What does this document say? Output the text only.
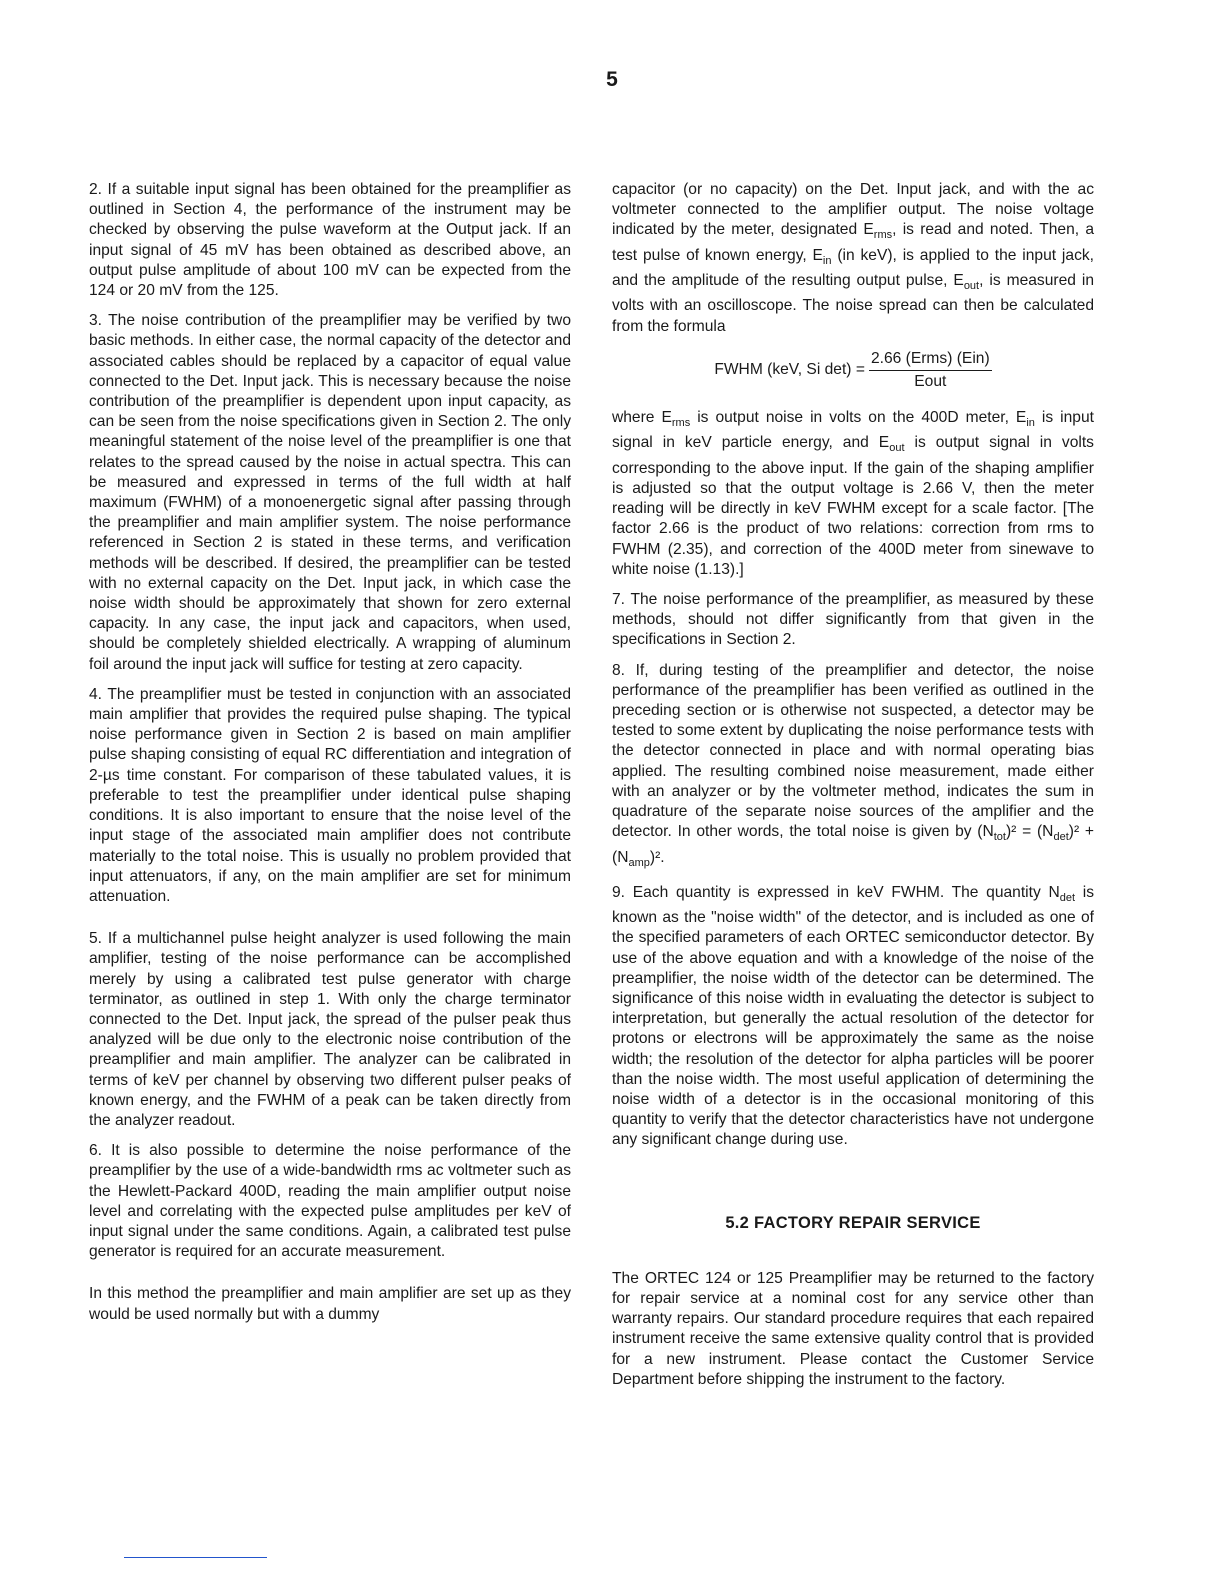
5

2. If a suitable input signal has been obtained for the preamplifier as outlined in Section 4, the performance of the instrument may be checked by observing the pulse waveform at the Output jack. If an input signal of 45 mV has been obtained as described above, an output pulse amplitude of about 100 mV can be expected from the 124 or 20 mV from the 125.

3. The noise contribution of the preamplifier may be verified by two basic methods. In either case, the normal capacity of the detector and associated cables should be replaced by a capacitor of equal value connected to the Det. Input jack. This is necessary because the noise contribution of the preamplifier is dependent upon input capacity, as can be seen from the noise specifications given in Section 2. The only meaningful statement of the noise level of the preamplifier is one that relates to the spread caused by the noise in actual spectra. This can be measured and expressed in terms of the full width at half maximum (FWHM) of a monoenergetic signal after passing through the preamplifier and main amplifier system. The noise performance referenced in Section 2 is stated in these terms, and verification methods will be described. If desired, the preamplifier can be tested with no external capacity on the Det. Input jack, in which case the noise width should be approximately that shown for zero external capacity. In any case, the input jack and capacitors, when used, should be completely shielded electrically. A wrapping of aluminum foil around the input jack will suffice for testing at zero capacity.

4. The preamplifier must be tested in conjunction with an associated main amplifier that provides the required pulse shaping. The typical noise performance given in Section 2 is based on main amplifier pulse shaping consisting of equal RC differentiation and integration of 2-µs time constant. For comparison of these tabulated values, it is preferable to test the preamplifier under identical pulse shaping conditions. It is also important to ensure that the noise level of the input stage of the associated main amplifier does not contribute materially to the total noise. This is usually no problem provided that input attenuators, if any, on the main amplifier are set for minimum attenuation.

5. If a multichannel pulse height analyzer is used following the main amplifier, testing of the noise performance can be accomplished merely by using a calibrated test pulse generator with charge terminator, as outlined in step 1. With only the charge terminator connected to the Det. Input jack, the spread of the pulser peak thus analyzed will be due only to the electronic noise contribution of the preamplifier and main amplifier. The analyzer can be calibrated in terms of keV per channel by observing two different pulser peaks of known energy, and the FWHM of a peak can be taken directly from the analyzer readout.

6. It is also possible to determine the noise performance of the preamplifier by the use of a wide-bandwidth rms ac voltmeter such as the Hewlett-Packard 400D, reading the main amplifier output noise level and correlating with the expected pulse amplitudes per keV of input signal under the same conditions. Again, a calibrated test pulse generator is required for an accurate measurement.

In this method the preamplifier and main amplifier are set up as they would be used normally but with a dummy

capacitor (or no capacity) on the Det. Input jack, and with the ac voltmeter connected to the amplifier output. The noise voltage indicated by the meter, designated $E_{rms}$, is read and noted. Then, a test pulse of known energy, $E_{in}$ (in keV), is applied to the input jack, and the amplitude of the resulting output pulse, $E_{out}$, is measured in volts with an oscilloscope. The noise spread can then be calculated from the formula

FWHM (keV, Si $\det) = \frac{\text{2.66 (Erms) (Ein)}}{\text{Eout}}$

where $E_{rms}$ is output noise in volts on the 400D meter, $E_{in}$ is input signal in keV particle energy, and $E_{out}$ is output signal in volts corresponding to the above input. If the gain of the shaping amplifier is adjusted so that the output voltage is 2.66 V, then the meter reading will be directly in keV FWHM except for a scale factor. [The factor 2.66 is the product of two relations: correction from rms to FWHM (2.35), and correction of the 400D meter from sinewave to white noise (1.13).]

7. The noise performance of the preamplifier, as measured by these methods, should not differ significantly from that given in the specifications in Section 2.

8. If, during testing of the preamplifier and detector, the noise performance of the preamplifier has been verified as outlined in the preceding section or is otherwise not suspected, a detector may be tested to some extent by duplicating the noise performance tests with the detector connected in place and with normal operating bias applied. The resulting combined noise measurement, made either with an analyzer or by the voltmeter method, indicates the sum in quadrature of the separate noise sources of the amplifier and the detector. In other words, the total noise is given by $(N_{tot})^2 = (N_{det})^2 + (N_{amp})^2$.

9. Each quantity is expressed in keV FWHM. The quantity $N_{det}$ is known as the "noise width" of the detector, and is included as one of the specified parameters of each ORTEC semiconductor detector. By use of the above equation and with a knowledge of the noise of the preamplifier, the noise width of the detector can be determined. The significance of this noise width in evaluating the detector is subject to interpretation, but generally the actual resolution of the detector for protons or electrons will be approximately the same as the noise width; the resolution of the detector for alpha particles will be poorer than the noise width. The most useful application of determining the noise width of a detector is in the occasional monitoring of this quantity to verify that the detector characteristics have not undergone any significant change during use.

5.2 FACTORY REPAIR SERVICE

The ORTEC 124 or 125 Preamplifier may be returned to the factory for repair service at a nominal cost for any service other than warranty repairs. Our standard procedure requires that each repaired instrument receive the same extensive quality control that is provided for a new instrument. Please contact the Customer Service Department before shipping the instrument to the factory.
